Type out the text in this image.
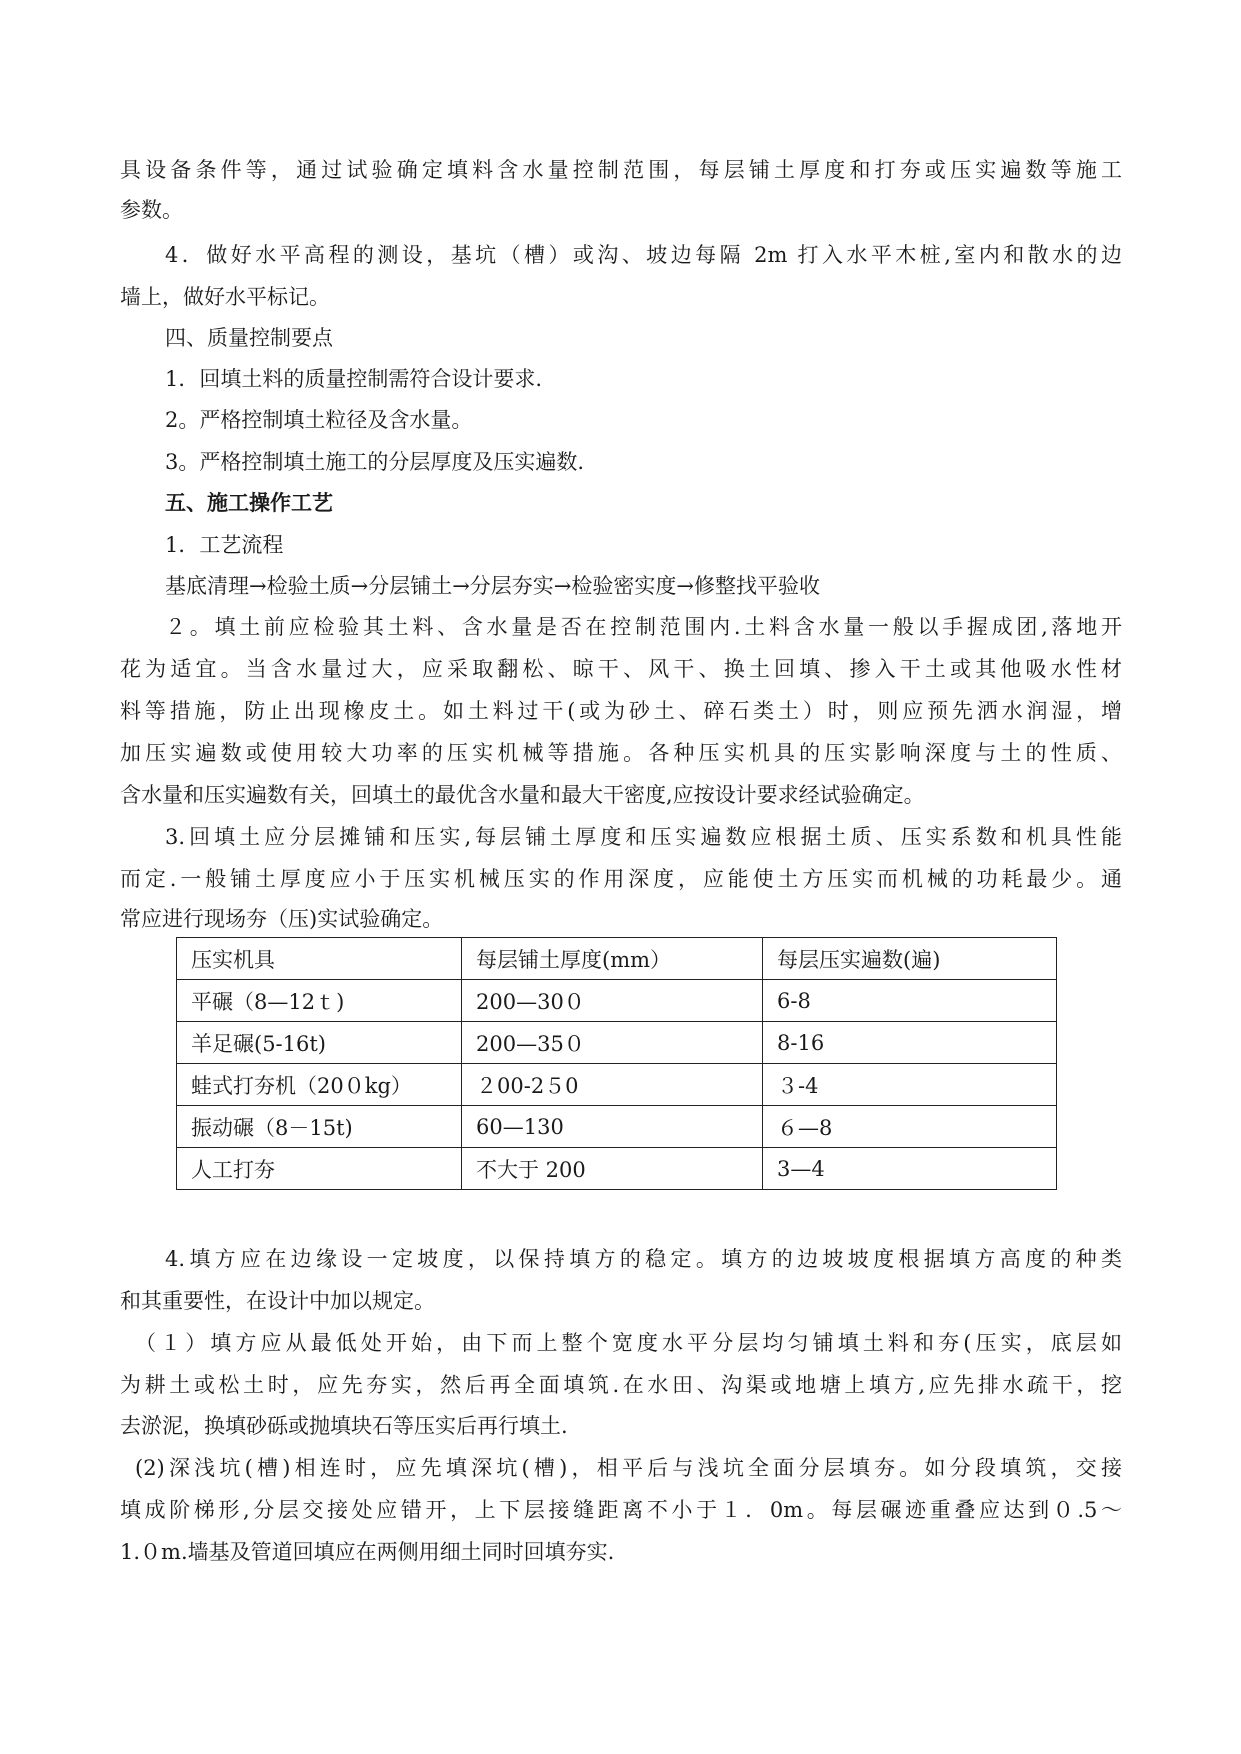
具设备条件等，通过试验确定填料含水量控制范围，每层铺土厚度和打夯或压实遍数等施工
参数。
4．做好水平高程的测设，基坑（槽）或沟、坡边每隔 2m 打入水平木桩,室内和散水的边
墙上，做好水平标记。
四、质量控制要点
1．回填土料的质量控制需符合设计要求.
2。严格控制填土粒径及含水量。
3。严格控制填土施工的分层厚度及压实遍数.
五、施工操作工艺
1．工艺流程
基底清理→检验土质→分层铺土→分层夯实→检验密实度→修整找平验收
２。填土前应检验其土料、含水量是否在控制范围内.土料含水量一般以手握成团,落地开
花为适宜。当含水量过大，应采取翻松、晾干、风干、换土回填、掺入干土或其他吸水性材
料等措施，防止出现橡皮土。如土料过干(或为砂土、碎石类土）时，则应预先洒水润湿，增
加压实遍数或使用较大功率的压实机械等措施。各种压实机具的压实影响深度与土的性质、
含水量和压实遍数有关，回填土的最优含水量和最大干密度,应按设计要求经试验确定。
3.回填土应分层摊铺和压实,每层铺土厚度和压实遍数应根据土质、压实系数和机具性能
而定.一般铺土厚度应小于压实机械压实的作用深度，应能使土方压实而机械的功耗最少。通
常应进行现场夯（压)实试验确定。
压实机具	每层铺土厚度(mm）	每层压实遍数(遍)
平碾（8—12ｔ)	200—30０	6-8
羊足碾(5-16t)	200—35０	8-16
蛙式打夯机（20０kg）	２00-2５0	３-4
振动碾（8－15t)	60—130	６—8
人工打夯	不大于 200	3—4
4.填方应在边缘设一定坡度，以保持填方的稳定。填方的边坡坡度根据填方高度的种类
和其重要性，在设计中加以规定。
（１）填方应从最低处开始，由下而上整个宽度水平分层均匀铺填土料和夯(压实，底层如
为耕土或松土时，应先夯实，然后再全面填筑.在水田、沟渠或地塘上填方,应先排水疏干，挖
去淤泥，换填砂砾或抛填块石等压实后再行填土.
(2)深浅坑(槽)相连时，应先填深坑(槽)，相平后与浅坑全面分层填夯。如分段填筑，交接
填成阶梯形,分层交接处应错开，上下层接缝距离不小于１．0m。每层碾迹重叠应达到０.5～
1.０m.墙基及管道回填应在两侧用细土同时回填夯实.
